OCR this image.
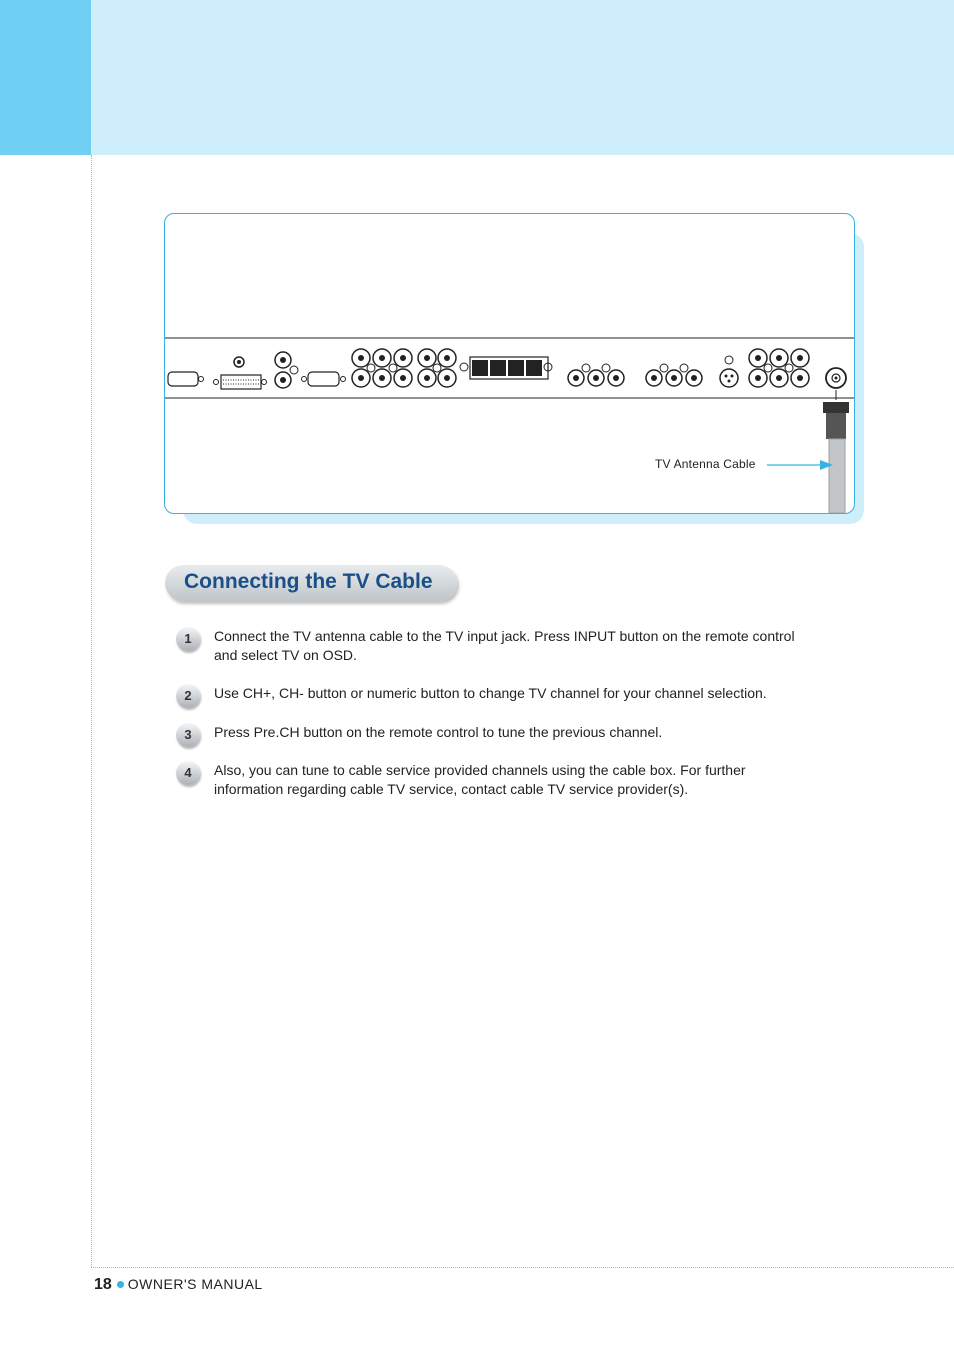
TV Antenna Cable
Connecting the TV Cable
1	Connect the TV antenna cable to the TV input jack. Press INPUT button on the remote control and select TV on OSD.
2	Use CH+, CH- button or numeric button to change TV channel for your channel selection.
3	Press Pre.CH button on the remote control to tune the previous channel.
4	Also, you can tune to cable service provided channels using the cable box. For further information regarding cable TV service, contact cable TV service provider(s).
18 OWNER'S MANUAL
